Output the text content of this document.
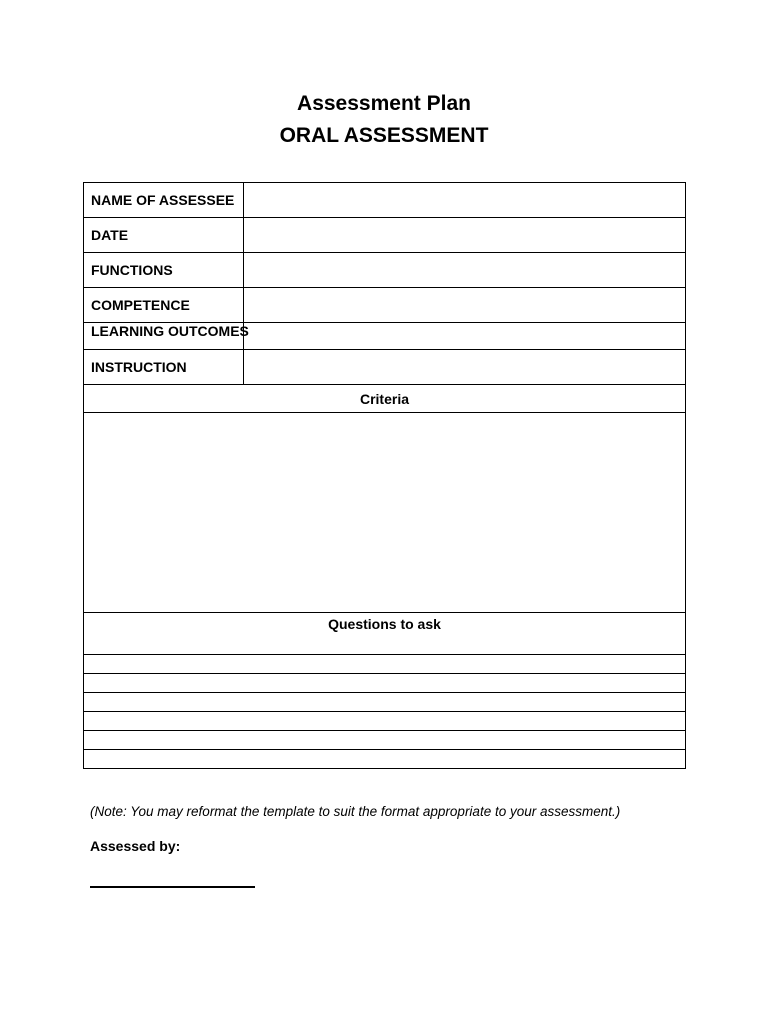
Assessment Plan

ORAL ASSESSMENT

NAME OF ASSESSEE	
DATE	
FUNCTIONS	
COMPETENCE	
LEARNING OUTCOMES	
INSTRUCTION	
Criteria	

Questions to ask	

(Note: You may reformat the template to suit the format appropriate to your assessment.)

Assessed by:
